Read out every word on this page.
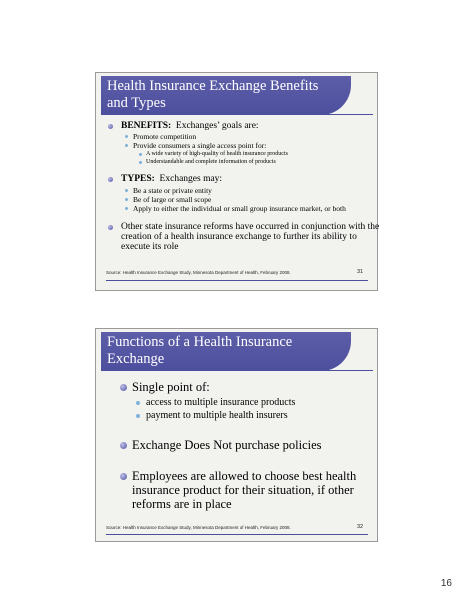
Health Insurance Exchange Benefits
and Types
BENEFITS: Exchanges’ goals are:
Promote competition
Provide consumers a single access point for:
A wide variety of high-quality of health insurance products
Understandable and complete information of products
TYPES: Exchanges may:
Be a state or private entity
Be of large or small scope
Apply to either the individual or small group insurance market, or both
Other state insurance reforms have occurred in conjunction with the
creation of a health insurance exchange to further its ability to
execute its role
Source: Health Insurance Exchange Study, Minnesota Department of Health, February 2008.	31
Functions of a Health Insurance
Exchange
Single point of:
access to multiple insurance products
payment to multiple health insurers
Exchange Does Not purchase policies
Employees are allowed to choose best health
insurance product for their situation, if other
reforms are in place
Source: Health Insurance Exchange Study, Minnesota Department of Health, February 2008.	32
16
